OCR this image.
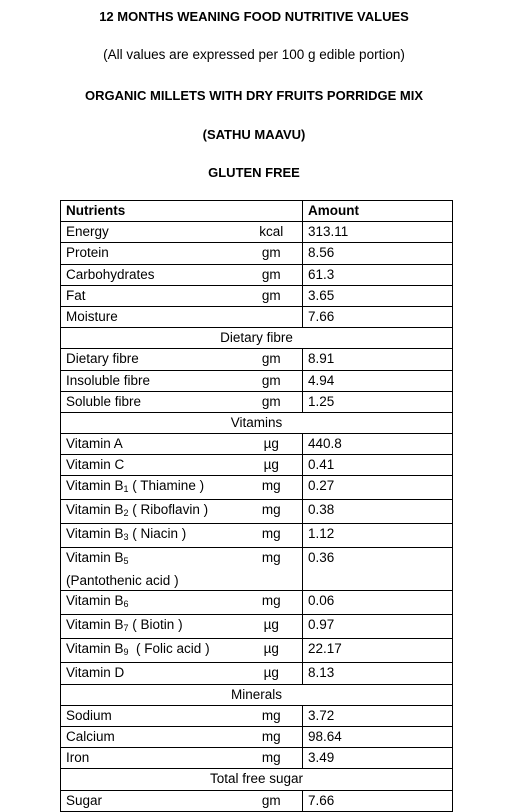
12 MONTHS WEANING FOOD NUTRITIVE VALUES
(All values are expressed per 100 g edible portion)
ORGANIC MILLETS WITH DRY FRUITS PORRIDGE MIX
(SATHU MAAVU)
GLUTEN FREE
Nutrients		Amount
Energy	kcal	313.11
Protein	gm	8.56
Carbohydrates	gm	61.3
Fat	gm	3.65
Moisture		7.66
Dietary fibre		
Dietary fibre	gm	8.91
Insoluble fibre	gm	4.94
Soluble fibre	gm	1.25
Vitamins		
Vitamin A	µg	440.8
Vitamin C	µg	0.41
Vitamin $B_1$ ( Thiamine )	mg	0.27
Vitamin $B_2$ ( Riboflavin )	mg	0.38
Vitamin $B_3$ ( Niacin )	mg	1.12
Vitamin $B_5$
(Pantothenic acid )	mg	0.36
Vitamin $B_6$	mg	0.06
Vitamin $B_7$ ( Biotin )	µg	0.97
Vitamin $B_9$  ( Folic acid )	µg	22.17
Vitamin D	µg	8.13
Minerals		
Sodium	mg	3.72
Calcium	mg	98.64
Iron	mg	3.49
Total free sugar		
Sugar	gm	7.66
